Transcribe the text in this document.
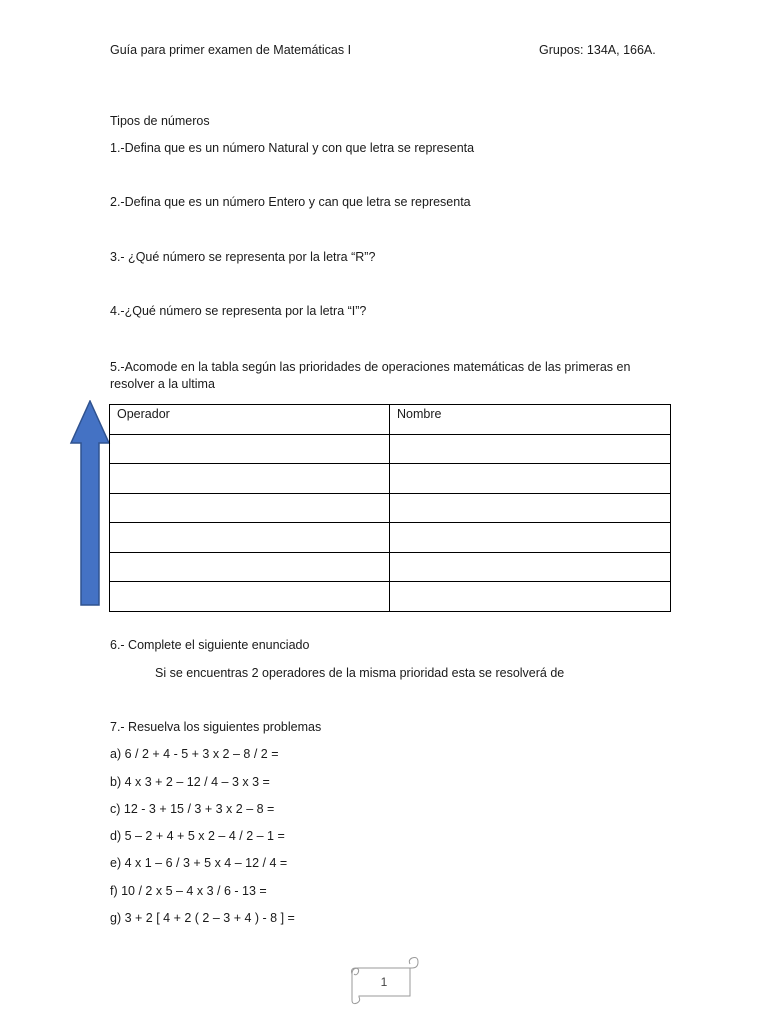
Guía para primer examen de Matemáticas I	Grupos: 134A, 166A.
Tipos de números
1.-Defina que es un número Natural y con que letra se representa
2.-Defina que es un número Entero y can que letra se representa
3.- ¿Qué número se representa por la letra “R”?
4.-¿Qué número se representa por la letra “I”?
5.-Acomode en la tabla según las prioridades de operaciones matemáticas de las primeras en resolver a la ultima
Operador	Nombre

6.- Complete el siguiente enunciado
Si se encuentras 2 operadores de la misma prioridad esta se resolverá de
7.- Resuelva los siguientes problemas
a) 6 / 2 + 4 - 5 + 3 x 2 – 8 / 2 =
b) 4 x 3 + 2 – 12 / 4 – 3 x 3 =
c) 12 - 3 + 15 / 3 + 3 x 2 – 8 =
d) 5 – 2 + 4 + 5 x 2 – 4 / 2 – 1 =
e) 4 x 1 – 6 / 3 + 5 x 4 – 12 / 4 =
f) 10 / 2 x 5 – 4 x 3 / 6 - 13 =
g) 3 + 2 [ 4 + 2 ( 2 – 3 + 4 ) - 8 ] =
1
